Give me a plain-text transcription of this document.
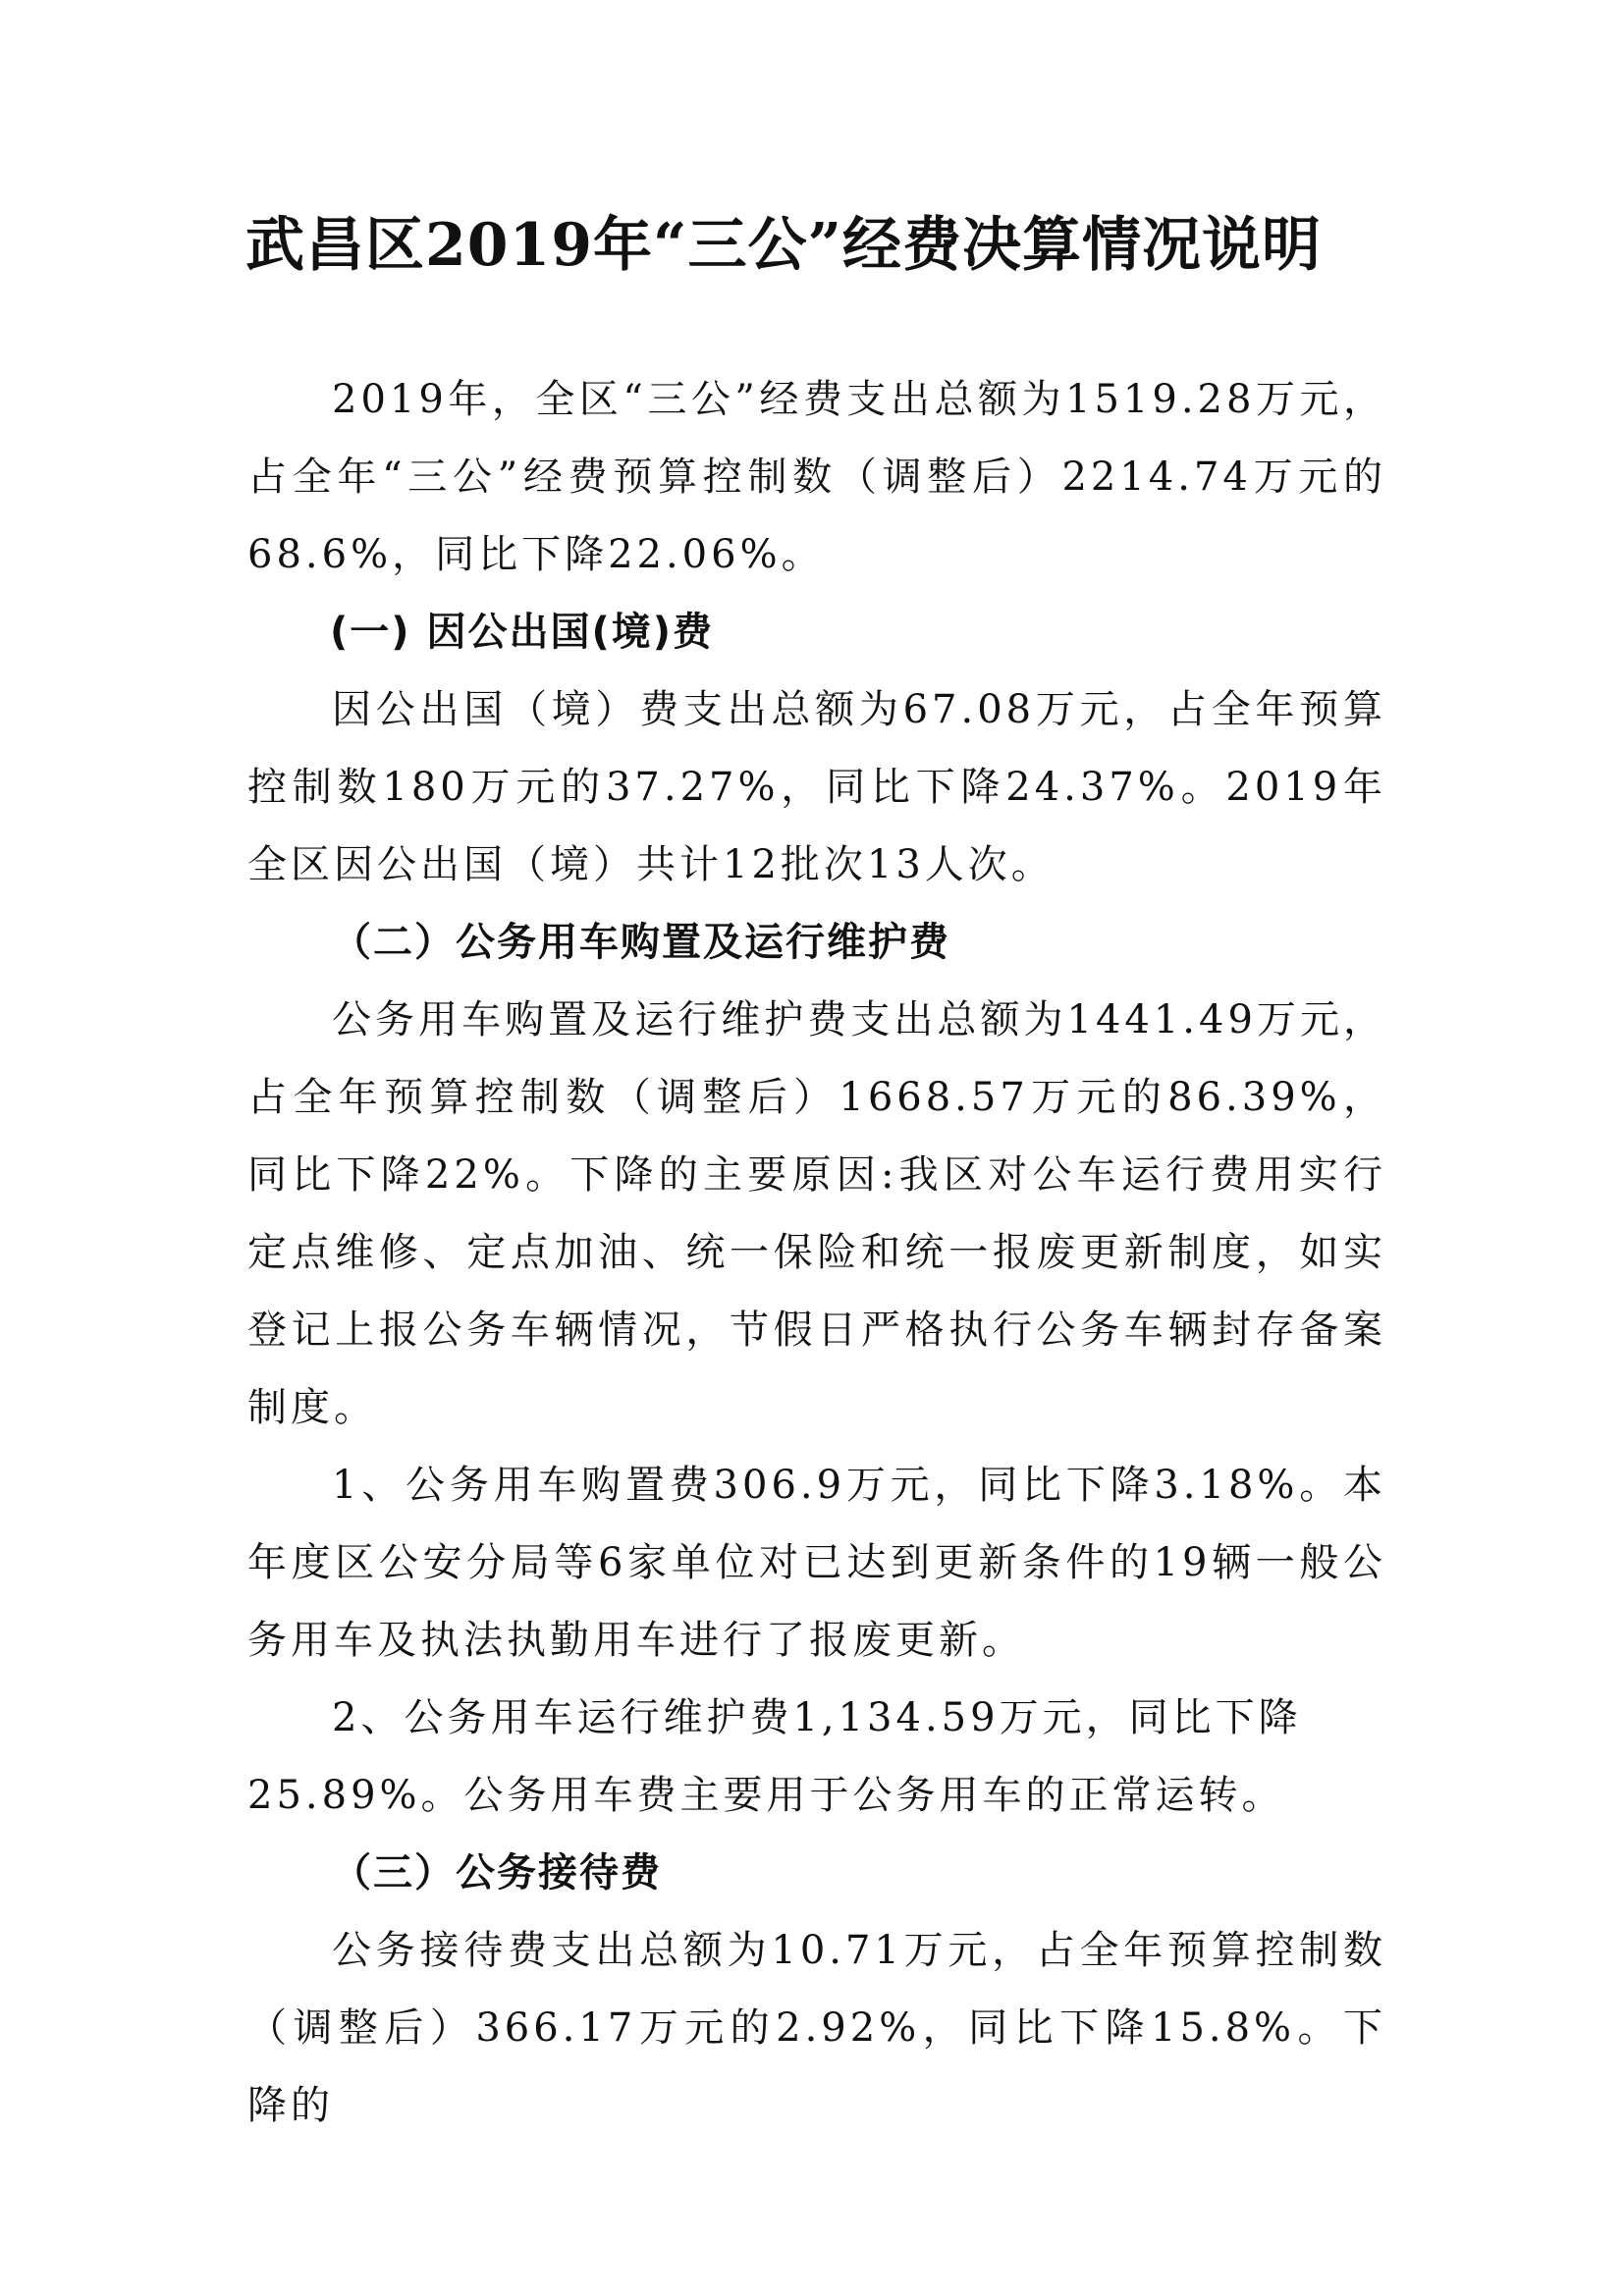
武昌区2019年“三公”经费决算情况说明

2019年，全区“三公”经费支出总额为1519.28万元，占全年“三公”经费预算控制数（调整后）2214.74万元的68.6%，同比下降22.06%。

(一) 因公出国(境)费

因公出国（境）费支出总额为67.08万元，占全年预算控制数180万元的37.27%，同比下降24.37%。2019年全区因公出国（境）共计12批次13人次。

（二）公务用车购置及运行维护费

公务用车购置及运行维护费支出总额为1441.49万元，占全年预算控制数（调整后）1668.57万元的86.39%，同比下降22%。下降的主要原因:我区对公车运行费用实行定点维修、定点加油、统一保险和统一报废更新制度，如实登记上报公务车辆情况，节假日严格执行公务车辆封存备案制度。

1、公务用车购置费306.9万元，同比下降3.18%。本年度区公安分局等6家单位对已达到更新条件的19辆一般公务用车及执法执勤用车进行了报废更新。

2、公务用车运行维护费1,134.59万元，同比下降25.89%。公务用车费主要用于公务用车的正常运转。

（三）公务接待费

公务接待费支出总额为10.71万元，占全年预算控制数（调整后）366.17万元的2.92%，同比下降15.8%。下降的
